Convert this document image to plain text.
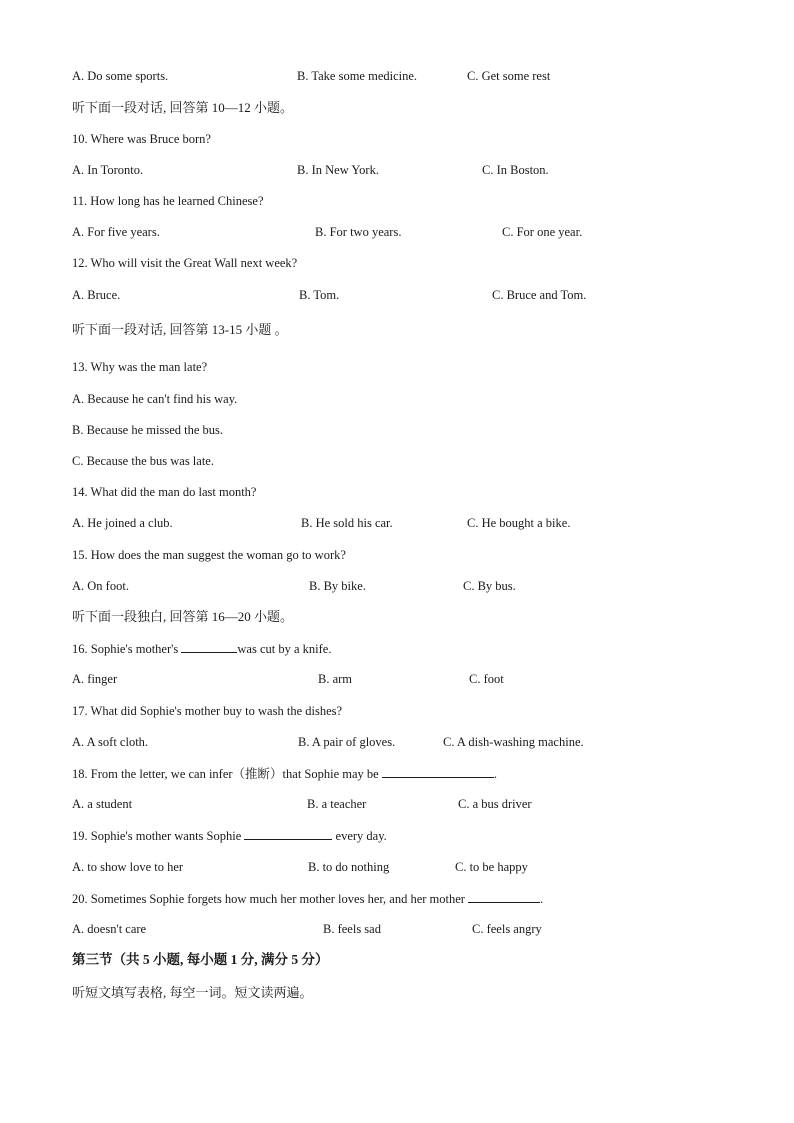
A. Do some sports.	B. Take some medicine.	C. Get some rest
听下面一段对话, 回答第 10—12 小题。
10. Where was Bruce born?
A. In Toronto.	B. In New York.	C. In Boston.
11. How long has he learned Chinese?
A. For five years.	B. For two years.	C. For one year.
12. Who will visit the Great Wall next week?
A. Bruce.	B. Tom.	C. Bruce and Tom.
听下面一段对话, 回答第 13-15 小题 。
13. Why was the man late?
A. Because he can't find his way.
B. Because he missed the bus.
C. Because the bus was late.
14. What did the man do last month?
A. He joined a club.	B. He sold his car.	C. He bought a bike.
15. How does the man suggest the woman go to work?
A. On foot.	B. By bike.	C. By bus.
听下面一段独白, 回答第 16—20 小题。
16. Sophie's mother's	was cut by a knife.
A. finger	B. arm	C. foot
17. What did Sophie's mother buy to wash the dishes?
A. A soft cloth.	B. A pair of gloves.	C. A dish-washing machine.
18. From the letter, we can infer（推断）that Sophie may be	.
A. a student	B. a teacher	C. a bus driver
19. Sophie's mother wants Sophie	every day.
A. to show love to her	B. to do nothing	C. to be happy
20. Sometimes Sophie forgets how much her mother loves her, and her mother	.
A. doesn't care	B. feels sad	C. feels angry
第三节（共 5 小题, 每小题 1 分, 满分 5 分）
听短文填写表格, 每空一词。短文读两遍。
